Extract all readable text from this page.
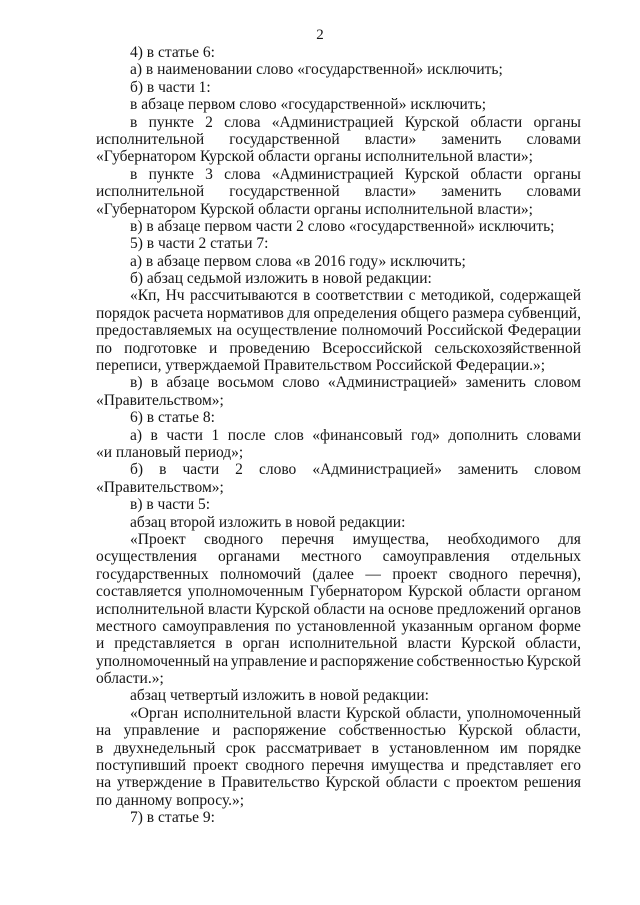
2
4) в статье 6:
а) в наименовании слово «государственной» исключить;
б) в части 1:
в абзаце первом слово «государственной» исключить;
в пункте 2 слова «Администрацией Курской области органы
исполнительной государственной власти» заменить словами
«Губернатором Курской области органы исполнительной власти»;
в пункте 3 слова «Администрацией Курской области органы
исполнительной государственной власти» заменить словами
«Губернатором Курской области органы исполнительной власти»;
в) в абзаце первом части 2 слово «государственной» исключить;
5) в части 2 статьи 7:
а) в абзаце первом слова «в 2016 году» исключить;
б) абзац седьмой изложить в новой редакции:
«Кп, Нч рассчитываются в соответствии с методикой, содержащей
порядок расчета нормативов для определения общего размера субвенций,
предоставляемых на осуществление полномочий Российской Федерации
по подготовке и проведению Всероссийской сельскохозяйственной
переписи, утверждаемой Правительством Российской Федерации.»;
в) в абзаце восьмом слово «Администрацией» заменить словом
«Правительством»;
6) в статье 8:
а) в части 1 после слов «финансовый год» дополнить словами
«и плановый период»;
б) в части 2 слово «Администрацией» заменить словом
«Правительством»;
в) в части 5:
абзац второй изложить в новой редакции:
«Проект сводного перечня имущества, необходимого для
осуществления органами местного самоуправления отдельных
государственных полномочий (далее — проект сводного перечня),
составляется уполномоченным Губернатором Курской области органом
исполнительной власти Курской области на основе предложений органов
местного самоуправления по установленной указанным органом форме
и представляется в орган исполнительной власти Курской области,
уполномоченный на управление и распоряжение собственностью Курской
области.»;
абзац четвертый изложить в новой редакции:
«Орган исполнительной власти Курской области, уполномоченный
на управление и распоряжение собственностью Курской области,
в двухнедельный срок рассматривает в установленном им порядке
поступивший проект сводного перечня имущества и представляет его
на утверждение в Правительство Курской области с проектом решения
по данному вопросу.»;
7) в статье 9:
